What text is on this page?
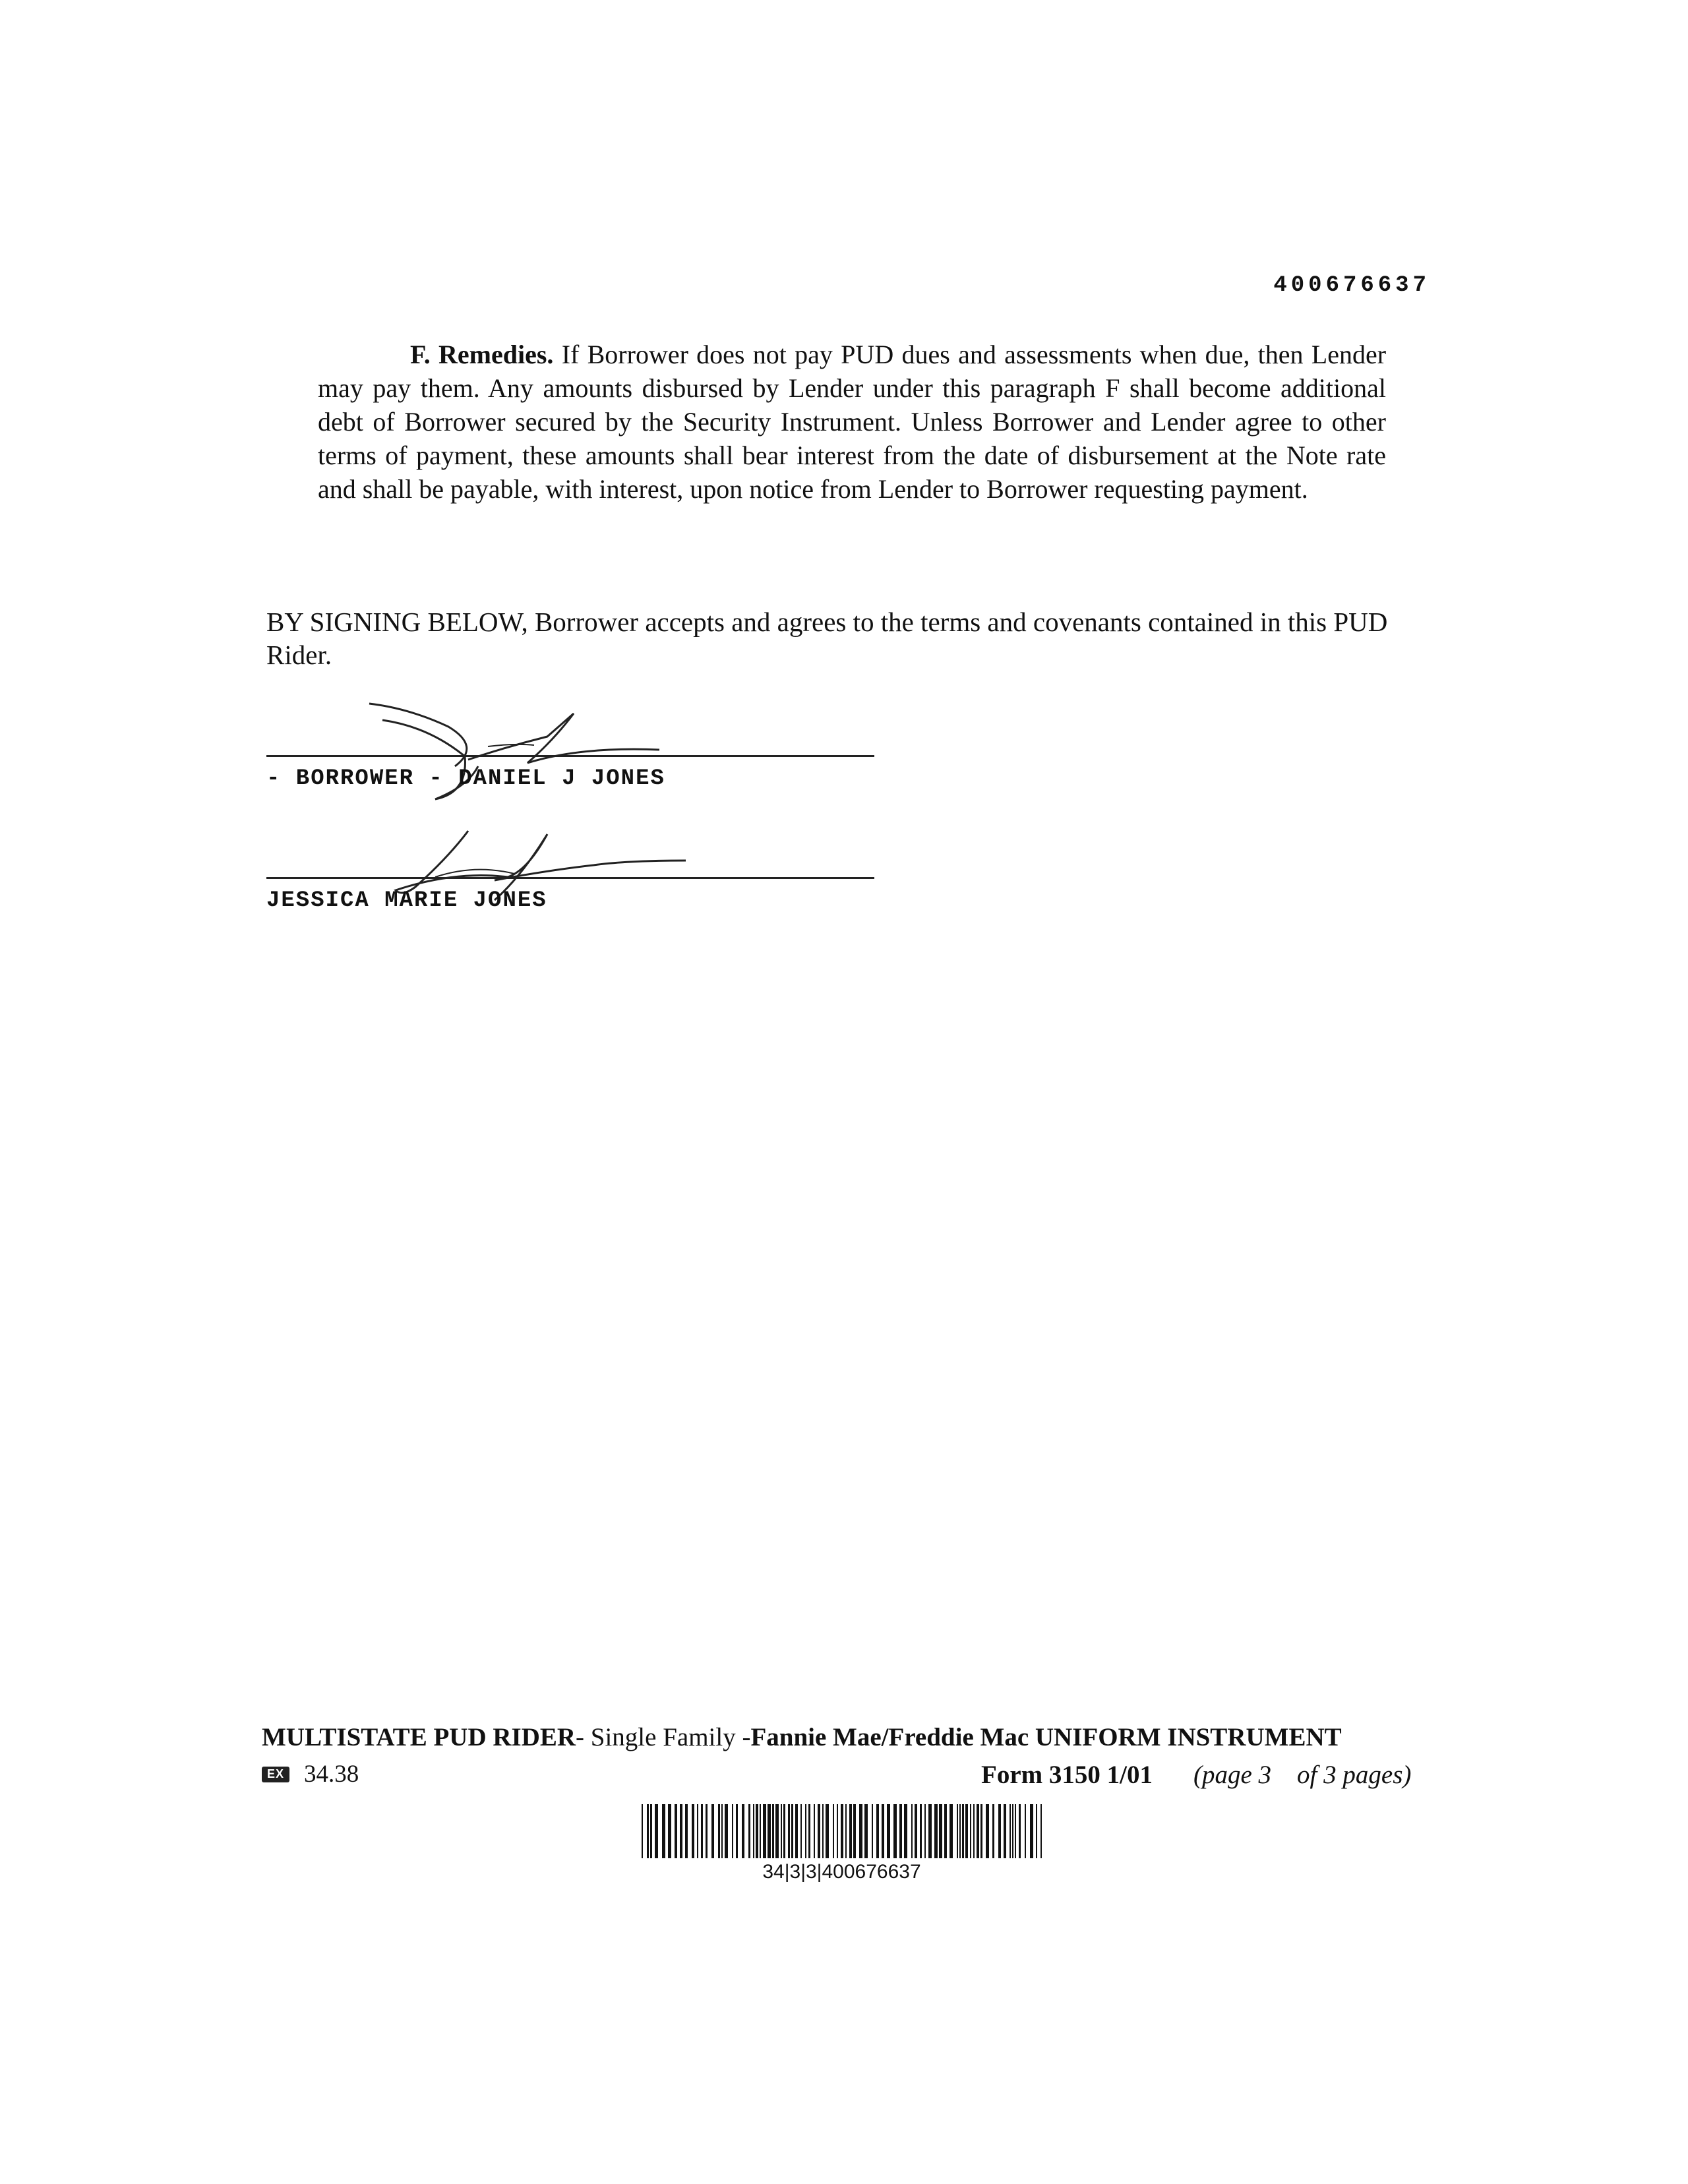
400676637

F. Remedies. If Borrower does not pay PUD dues and assessments when due, then Lender may pay them. Any amounts disbursed by Lender under this paragraph F shall become additional debt of Borrower secured by the Security Instrument. Unless Borrower and Lender agree to other terms of payment, these amounts shall bear interest from the date of disbursement at the Note rate and shall be payable, with interest, upon notice from Lender to Borrower requesting payment.

BY SIGNING BELOW, Borrower accepts and agrees to the terms and covenants contained in this PUD Rider.

- BORROWER - DANIEL J JONES
JESSICA MARIE JONES
MULTISTATE PUD RIDER- Single Family -Fannie Mae/Freddie Mac UNIFORM INSTRUMENT
EX 34.38	Form 3150 1/01 (page 3    of 3 pages)
34|3|3|400676637
